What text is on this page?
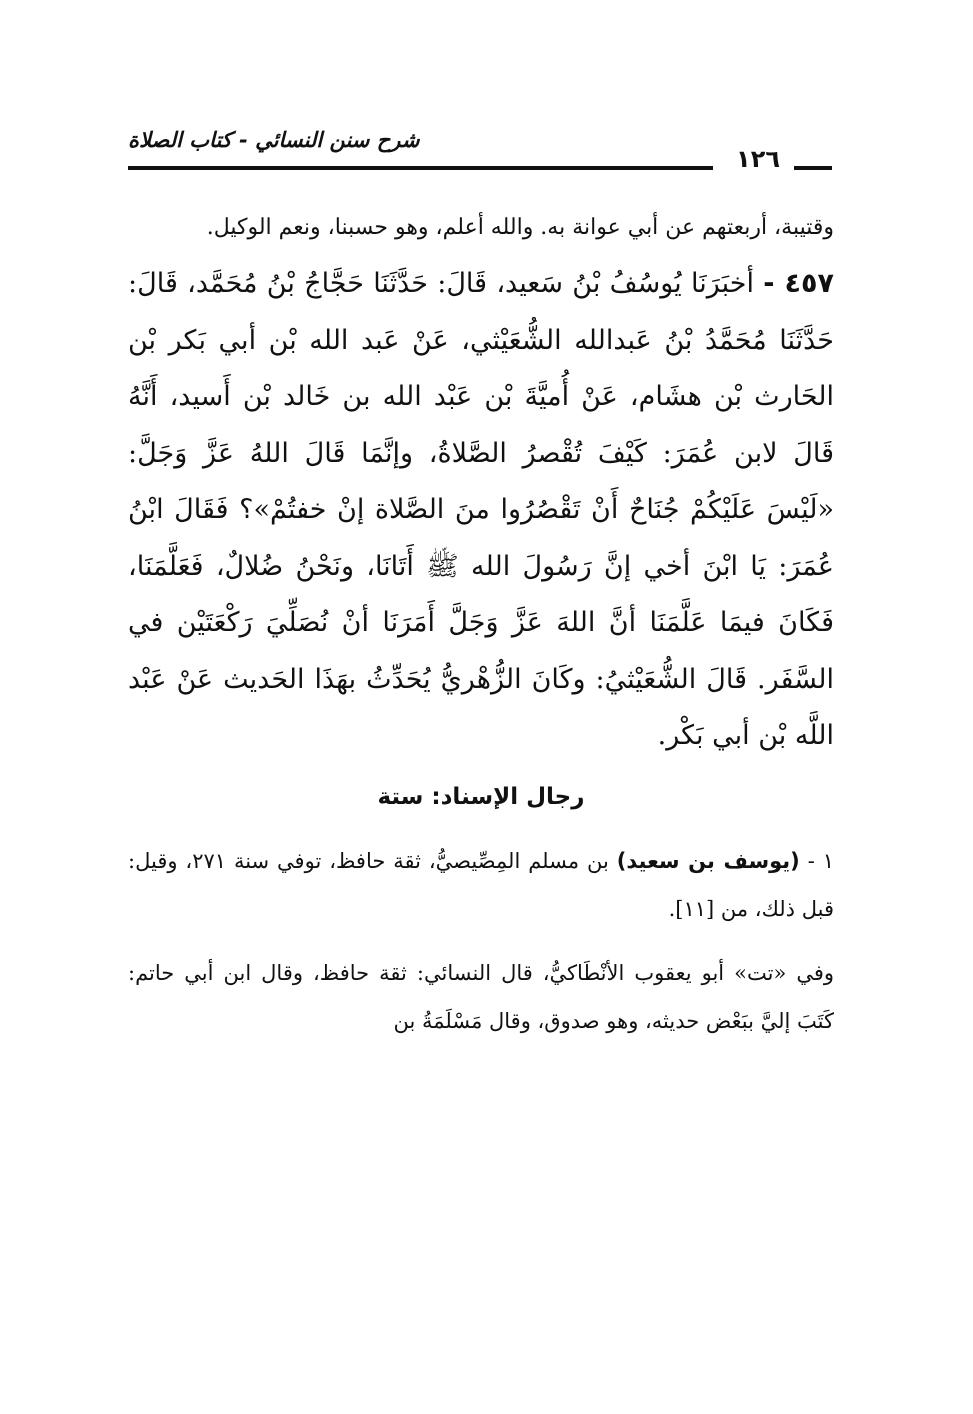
شرح سنن النسائي - كتاب الصلاة
١٢٦

وقتيبة، أربعتهم عن أبي عوانة به. والله أعلم، وهو حسبنا، ونعم الوكيل.

٤٥٧ - أخبَرَنَا يُوسُفُ بْنُ سَعيد، قَالَ: حَدَّثَنَا حَجَّاجُ بْنُ مُحَمَّد، قَالَ: حَدَّثَنَا مُحَمَّدُ بْنُ عَبدالله الشُّعَيْثي، عَنْ عَبد الله بْن أبي بَكر بْن الحَارث بْن هشَام، عَنْ أُميَّةَ بْن عَبْد الله بن خَالد بْن أَسيد، أَنَّهُ قَالَ لابن عُمَرَ: كَيْفَ تُقْصرُ الصَّلاةُ، وإنَّمَا قَالَ اللهُ عَزَّ وَجَلَّ: «لَيْسَ عَلَيْكُمْ جُنَاحٌ أَنْ تَقْصُرُوا منَ الصَّلاة إنْ خفتُمْ»؟ فَقَالَ ابْنُ عُمَرَ: يَا ابْنَ أخي إنَّ رَسُولَ الله ﷺ أَتَانَا، ونَحْنُ ضُلالٌ، فَعَلَّمَنَا، فَكَانَ فيمَا عَلَّمَنَا أنَّ اللهَ عَزَّ وَجَلَّ أَمَرَنَا أنْ نُصَلِّيَ رَكْعَتَيْن في السَّفَر. قَالَ الشُّعَيْثيُ: وكَانَ الزُّهْريُّ يُحَدِّثُ بهَذَا الحَديث عَنْ عَبْد اللَّه بْن أبي بَكْر.

رجال الإسناد: ستة

١ - (يوسف بن سعيد) بن مسلم المِصِّيصيُّ، ثقة حافظ، توفي سنة ٢٧١، وقيل: قبل ذلك، من [١١].

وفي «تت» أبو يعقوب الأنْطَاكيُّ، قال النسائي: ثقة حافظ، وقال ابن أبي حاتم: كَتَبَ إليَّ ببَعْض حديثه، وهو صدوق، وقال مَسْلَمَةُ بن
